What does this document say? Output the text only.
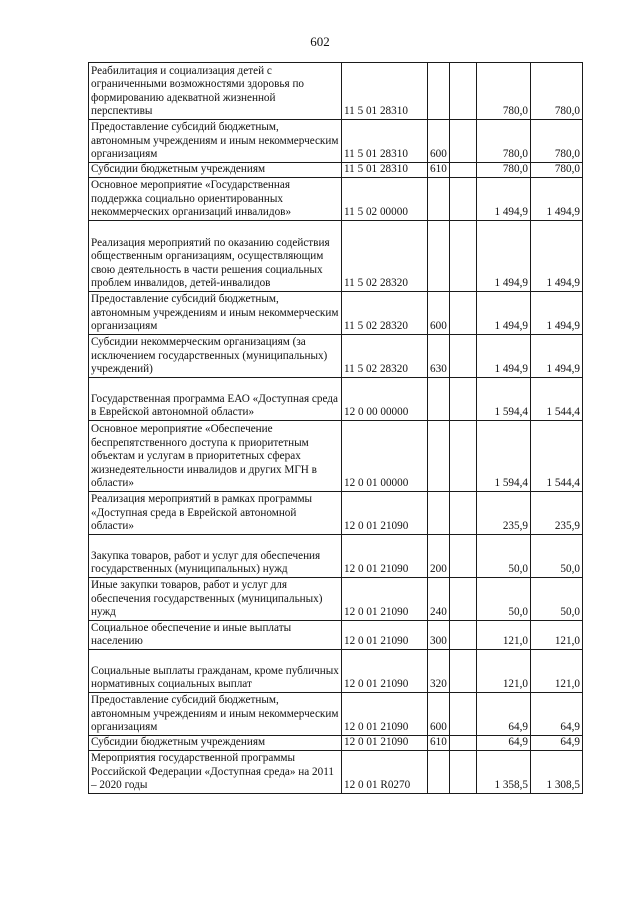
602
Реабилитация и социализация детей с ограниченными возможностями здоровья по формированию адекватной жизненной перспективы	11 5 01 28310			780,0	780,0
Предоставление субсидий бюджетным, автономным учреждениям и иным некоммерческим организациям	11 5 01 28310	600		780,0	780,0
Субсидии бюджетным учреждениям	11 5 01 28310	610		780,0	780,0
Основное мероприятие «Государственная поддержка социально ориентированных некоммерческих организаций инвалидов»	11 5 02 00000			1 494,9	1 494,9
Реализация мероприятий по оказанию содействия общественным организациям, осуществляющим свою деятельность в части решения социальных проблем инвалидов, детей-инвалидов	11 5 02 28320			1 494,9	1 494,9
Предоставление субсидий бюджетным, автономным учреждениям и иным некоммерческим организациям	11 5 02 28320	600		1 494,9	1 494,9
Субсидии некоммерческим организациям (за исключением государственных (муниципальных) учреждений)	11 5 02 28320	630		1 494,9	1 494,9
Государственная программа ЕАО «Доступная среда в Еврейской автономной области»	12 0 00 00000			1 594,4	1 544,4
Основное мероприятие «Обеспечение беспрепятственного доступа к приоритетным объектам и услугам в приоритетных сферах жизнедеятельности инвалидов и других МГН в области»	12 0 01 00000			1 594,4	1 544,4
Реализация мероприятий в рамках программы «Доступная среда в Еврейской автономной области»	12 0 01 21090			235,9	235,9
Закупка товаров, работ и услуг для обеспечения государственных (муниципальных) нужд	12 0 01 21090	200		50,0	50,0
Иные закупки товаров, работ и услуг для обеспечения государственных (муниципальных) нужд	12 0 01 21090	240		50,0	50,0
Социальное обеспечение и иные выплаты населению	12 0 01 21090	300		121,0	121,0
Социальные выплаты гражданам, кроме публичных нормативных социальных выплат	12 0 01 21090	320		121,0	121,0
Предоставление субсидий бюджетным, автономным учреждениям и иным некоммерческим организациям	12 0 01 21090	600		64,9	64,9
Субсидии бюджетным учреждениям	12 0 01 21090	610		64,9	64,9
Мероприятия государственной программы Российской Федерации «Доступная среда» на 2011 – 2020 годы	12 0 01 R0270			1 358,5	1 308,5
